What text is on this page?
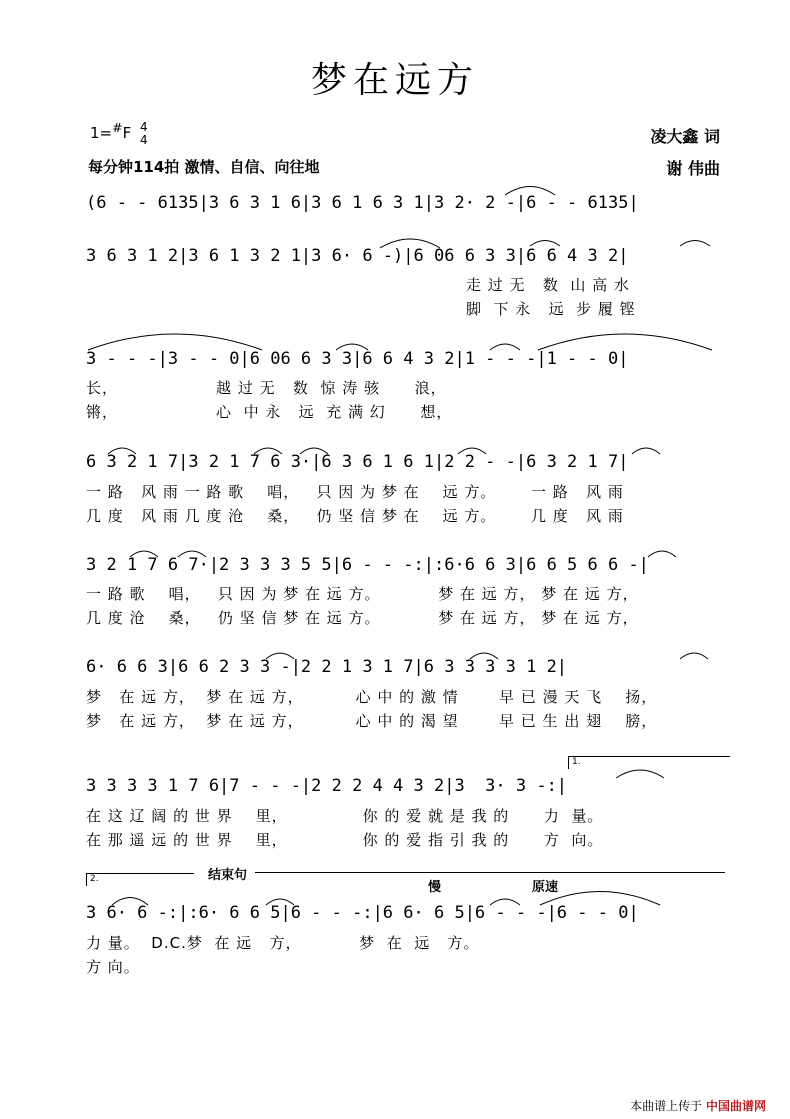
梦在远方
1=#F 4
4
每分钟114拍 激情、自信、向往地
凌大鑫 词
谢 伟曲
(6 - - 6135|3 6 3 1 6|3 6 1 6 3 1|3 2· 2 -|6 - - 6135|
3 6 3 1 2|3 6 1 3 2 1|3 6· 6 -)|6 06 6 3 3|6 6 4 3 2|
走 过 无   数  山 高 水
脚  下 永   远  步 履 铿
3 - - -|3 - - 0|6 06 6 3 3|6 6 4 3 2|1 - - -|1 - - 0|
长，                 越 过 无   数  惊 涛 骇      浪，
锵，                 心  中 永   远  充 满 幻      想，
6 3 2 1 7|3 2 1 7 6 3·|6 3 6 1 6 1|2 2 - -|6 3 2 1 7|
一 路   风 雨 一 路 歌    唱，   只 因 为 梦 在    远 方。      一 路   风 雨
几 度   风 雨 几 度 沧    桑，   仍 坚 信 梦 在    远 方。      几 度   风 雨
3 2 1 7 6 7·|2 3 3 3 5 5|6 - - -:|:6·6 6 3|6 6 5 6 6 -|
一 路 歌    唱，   只 因 为 梦 在 远 方。          梦 在 远 方， 梦 在 远 方，
几 度 沧    桑，   仍 坚 信 梦 在 远 方。          梦 在 远 方， 梦 在 远 方，
6· 6 6 3|6 6 2 3 3 -|2 2 1 3 1 7|6 3 3 3 3 1 2|
梦   在 远 方，  梦 在 远 方，         心 中 的 激 情       早 已 漫 天 飞    扬，
梦   在 远 方，  梦 在 远 方，         心 中 的 渴 望       早 已 生 出 翅    膀，
1.
3 3 3 3 1 7 6|7 - - -|2 2 2 4 4 3 2|3  3· 3 -:|
在 这 辽 阔 的 世 界    里，             你 的 爱 就 是 我 的      力  量。
在 那 遥 远 的 世 界    里，             你 的 爱 指 引 我 的      方  向。
2.	结束句
慢	原速
3 6· 6 -:|:6· 6 6 5|6 - - -:|6 6· 6 5|6 - - -|6 - - 0|
力 量。  D.C.梦  在 远   方，          梦  在  远   方。
方 向。
本曲谱上传于 中国曲谱网
